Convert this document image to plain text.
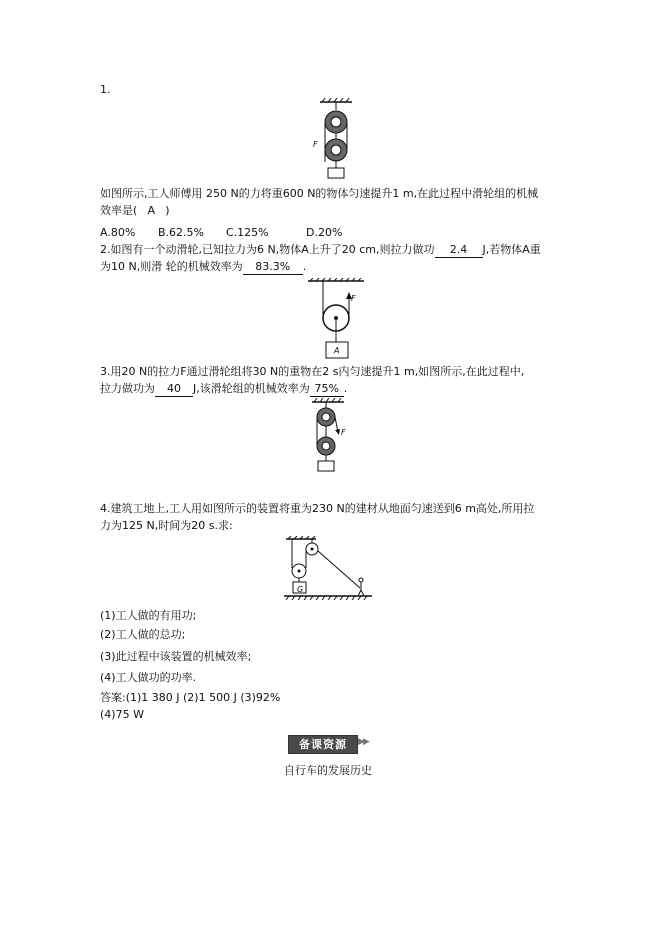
1.
F
如图所示,工人师傅用 250 N的力将重600 N的物体匀速提升1 m,在此过程中滑轮组的机械
效率是( A )
A.80% B.62.5% C.125%	D.20%
2.如图有一个动滑轮,已知拉力为6 N,物体A上升了20 cm,则拉力做功 2.4 J,若物体A重
为10 N,则滑 轮的机械效率为 83.3% .
F
A
3.用20 N的拉力F通过滑轮组将30 N的重物在2 s内匀速提升1 m,如图所示,在此过程中,
拉力做功为 40 J,该滑轮组的机械效率为 75% .
F
4.建筑工地上,工人用如图所示的装置将重为230 N的建材从地面匀速送到6 m高处,所用拉
力为125 N,时间为20 s.求:
G
(1)工人做的有用功;
(2)工人做的总功;
(3)此过程中该装置的机械效率;
(4)工人做功的功率.
答案:(1)1 380 J (2)1 500 J (3)92%
(4)75 W
备课资源	▶▶
自行车的发展历史
